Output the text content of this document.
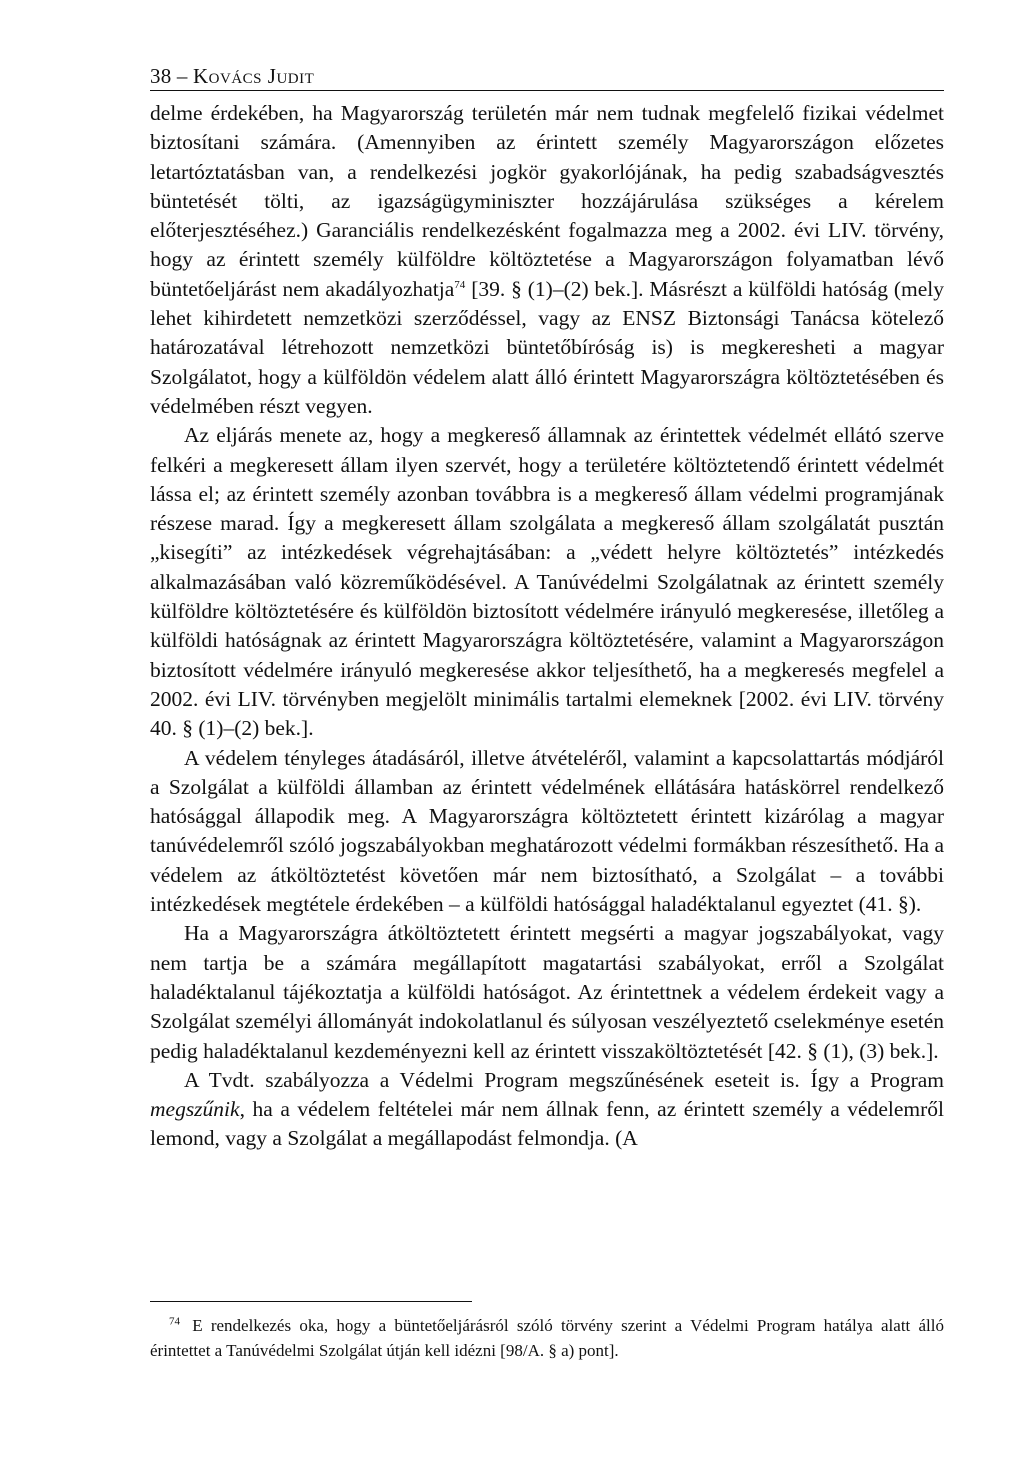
38 – Kovács Judit

delme érdekében, ha Magyarország területén már nem tudnak megfelelő fizikai védelmet biztosítani számára. (Amennyiben az érintett személy Magyarországon előzetes letartóztatásban van, a rendelkezési jogkör gyakorlójának, ha pedig szabadságvesztés büntetését tölti, az igazságügyminiszter hozzájárulása szükséges a kérelem előterjesztéséhez.) Garanciális rendelkezésként fogalmazza meg a 2002. évi LIV. törvény, hogy az érintett személy külföldre költöztetése a Magyarországon folyamatban lévő büntetőeljárást nem akadályozhatja$^{74}$ [39. § (1)–(2) bek.]. Másrészt a külföldi hatóság (mely lehet kihirdetett nemzetközi szerződéssel, vagy az ENSZ Biztonsági Tanácsa kötelező határozatával létrehozott nemzetközi büntetőbíróság is) is megkeresheti a magyar Szolgálatot, hogy a külföldön védelem alatt álló érintett Magyarországra költöztetésében és védelmében részt vegyen.

Az eljárás menete az, hogy a megkereső államnak az érintettek védelmét ellátó szerve felkéri a megkeresett állam ilyen szervét, hogy a területére költöztetendő érintett védelmét lássa el; az érintett személy azonban továbbra is a megkereső állam védelmi programjának részese marad. Így a megkeresett állam szolgálata a megkereső állam szolgálatát pusztán „kisegíti” az intézkedések végrehajtásában: a „védett helyre költöztetés” intézkedés alkalmazásában való közreműködésével. A Tanúvédelmi Szolgálatnak az érintett személy külföldre költöztetésére és külföldön biztosított védelmére irányuló megkeresése, illetőleg a külföldi hatóságnak az érintett Magyarországra költöztetésére, valamint a Magyarországon biztosított védelmére irányuló megkeresése akkor teljesíthető, ha a megkeresés megfelel a 2002. évi LIV. törvényben megjelölt minimális tartalmi elemeknek [2002. évi LIV. törvény 40. § (1)–(2) bek.].

A védelem tényleges átadásáról, illetve átvételéről, valamint a kapcsolattartás módjáról a Szolgálat a külföldi államban az érintett védelmének ellátására hatáskörrel rendelkező hatósággal állapodik meg. A Magyarországra költöztetett érintett kizárólag a magyar tanúvédelemről szóló jogszabályokban meghatározott védelmi formákban részesíthető. Ha a védelem az átköltöztetést követően már nem biztosítható, a Szolgálat – a további intézkedések megtétele érdekében – a külföldi hatósággal haladéktalanul egyeztet (41. §).

Ha a Magyarországra átköltöztetett érintett megsérti a magyar jogszabályokat, vagy nem tartja be a számára megállapított magatartási szabályokat, erről a Szolgálat haladéktalanul tájékoztatja a külföldi hatóságot. Az érintettnek a védelem érdekeit vagy a Szolgálat személyi állományát indokolatlanul és súlyosan veszélyeztető cselekménye esetén pedig haladéktalanul kezdeményezni kell az érintett visszaköltöztetését [42. § (1), (3) bek.].

A Tvdt. szabályozza a Védelmi Program megszűnésének eseteit is. Így a Program megszűnik, ha a védelem feltételei már nem állnak fenn, az érintett személy a védelemről lemond, vagy a Szolgálat a megállapodást felmondja. (A

$^{74}$ E rendelkezés oka, hogy a büntetőeljárásról szóló törvény szerint a Védelmi Program hatálya alatt álló érintettet a Tanúvédelmi Szolgálat útján kell idézni [98/A. § a) pont].
